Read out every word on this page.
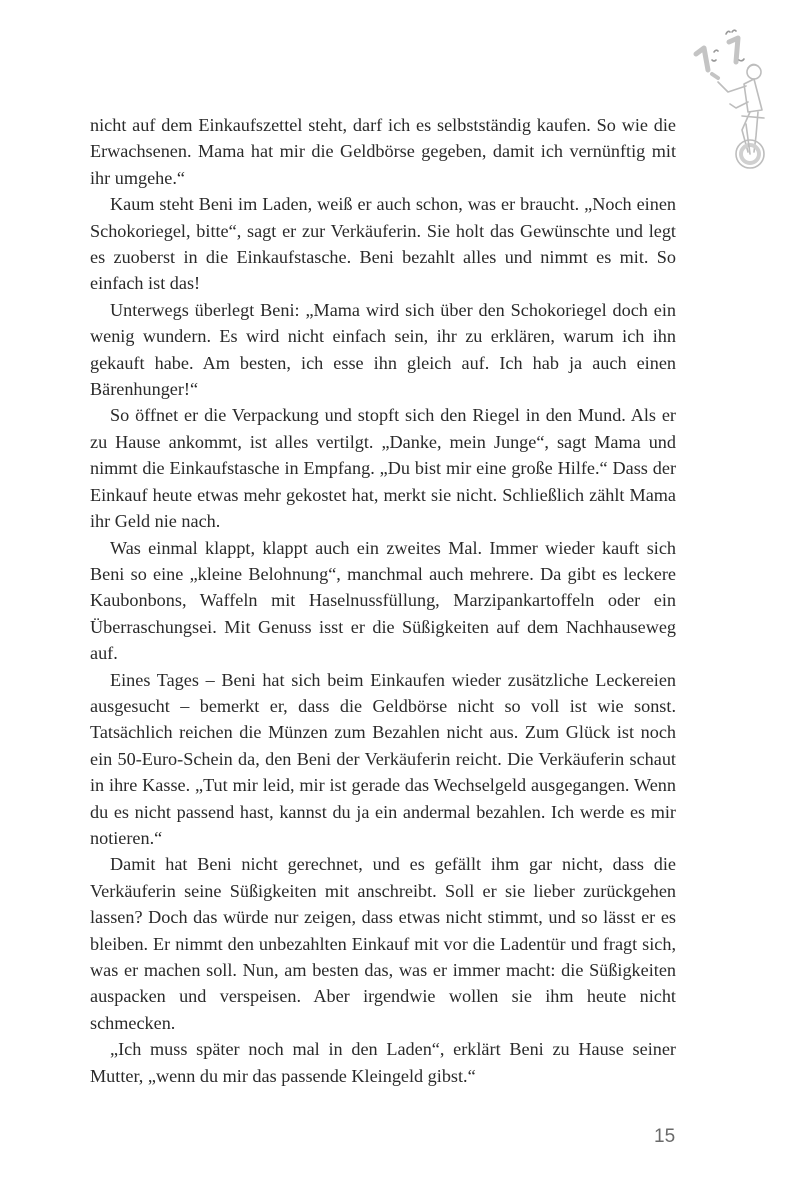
nicht auf dem Einkaufszettel steht, darf ich es selbstständig kaufen. So wie die Erwachsenen. Mama hat mir die Geldbörse gegeben, damit ich vernünftig mit ihr umgehe.“

Kaum steht Beni im Laden, weiß er auch schon, was er braucht. „Noch einen Schokoriegel, bitte“, sagt er zur Verkäuferin. Sie holt das Gewünschte und legt es zuoberst in die Einkaufstasche. Beni bezahlt alles und nimmt es mit. So einfach ist das!

Unterwegs überlegt Beni: „Mama wird sich über den Schokoriegel doch ein wenig wundern. Es wird nicht einfach sein, ihr zu erklären, warum ich ihn gekauft habe. Am besten, ich esse ihn gleich auf. Ich hab ja auch einen Bärenhunger!“

So öffnet er die Verpackung und stopft sich den Riegel in den Mund. Als er zu Hause ankommt, ist alles vertilgt. „Danke, mein Junge“, sagt Mama und nimmt die Einkaufstasche in Empfang. „Du bist mir eine große Hilfe.“ Dass der Einkauf heute etwas mehr gekostet hat, merkt sie nicht. Schließlich zählt Mama ihr Geld nie nach.

Was einmal klappt, klappt auch ein zweites Mal. Immer wieder kauft sich Beni so eine „kleine Belohnung“, manchmal auch mehrere. Da gibt es leckere Kaubonbons, Waffeln mit Haselnussfüllung, Marzipankartoffeln oder ein Überraschungsei. Mit Genuss isst er die Süßigkeiten auf dem Nachhauseweg auf.

Eines Tages – Beni hat sich beim Einkaufen wieder zusätzliche Leckereien ausgesucht – bemerkt er, dass die Geldbörse nicht so voll ist wie sonst. Tatsächlich reichen die Münzen zum Bezahlen nicht aus. Zum Glück ist noch ein 50-Euro-Schein da, den Beni der Verkäuferin reicht. Die Verkäuferin schaut in ihre Kasse. „Tut mir leid, mir ist gerade das Wechselgeld ausgegangen. Wenn du es nicht passend hast, kannst du ja ein andermal bezahlen. Ich werde es mir notieren.“

Damit hat Beni nicht gerechnet, und es gefällt ihm gar nicht, dass die Verkäuferin seine Süßigkeiten mit anschreibt. Soll er sie lieber zurückgehen lassen? Doch das würde nur zeigen, dass etwas nicht stimmt, und so lässt er es bleiben. Er nimmt den unbezahlten Einkauf mit vor die Ladentür und fragt sich, was er machen soll. Nun, am besten das, was er immer macht: die Süßigkeiten auspacken und verspeisen. Aber irgendwie wollen sie ihm heute nicht schmecken.

„Ich muss später noch mal in den Laden“, erklärt Beni zu Hause seiner Mutter, „wenn du mir das passende Kleingeld gibst.“

15
